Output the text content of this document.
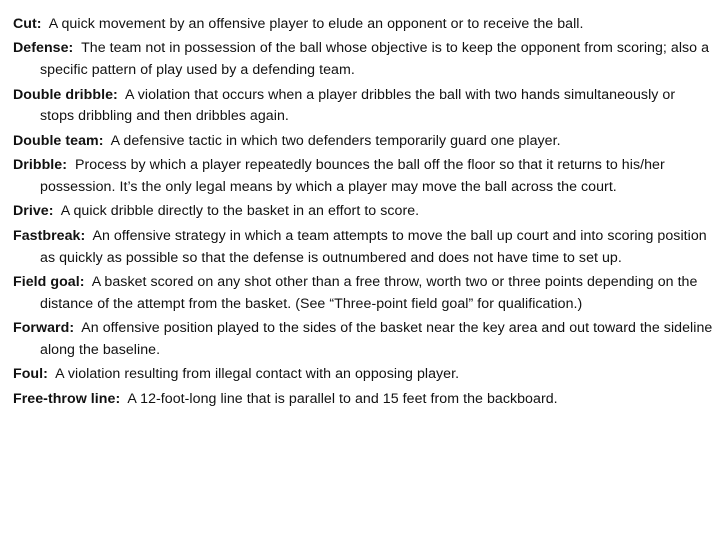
Cut: A quick movement by an offensive player to elude an opponent or to receive the ball.
Defense: The team not in possession of the ball whose objective is to keep the opponent from scoring; also a specific pattern of play used by a defending team.
Double dribble: A violation that occurs when a player dribbles the ball with two hands simultaneously or stops dribbling and then dribbles again.
Double team: A defensive tactic in which two defenders temporarily guard one player.
Dribble: Process by which a player repeatedly bounces the ball off the floor so that it returns to his/her possession. It’s the only legal means by which a player may move the ball across the court.
Drive: A quick dribble directly to the basket in an effort to score.
Fastbreak: An offensive strategy in which a team attempts to move the ball up court and into scoring position as quickly as possible so that the defense is outnumbered and does not have time to set up.
Field goal: A basket scored on any shot other than a free throw, worth two or three points depending on the distance of the attempt from the basket. (See “Three-point field goal” for qualification.)
Forward: An offensive position played to the sides of the basket near the key area and out toward the sideline along the baseline.
Foul: A violation resulting from illegal contact with an opposing player.
Free-throw line: A 12-foot-long line that is parallel to and 15 feet from the backboard.
